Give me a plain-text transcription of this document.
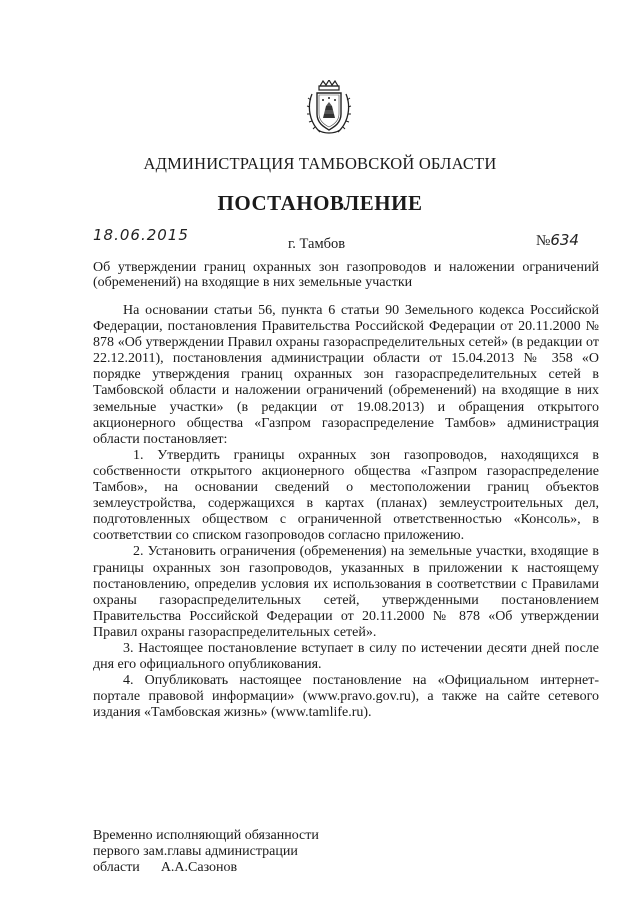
АДМИНИСТРАЦИЯ ТАМБОВСКОЙ ОБЛАСТИ
ПОСТАНОВЛЕНИЕ
18.06.2015	г. Тамбов	№634
Об утверждении границ охранных зон газопроводов и наложении ограничений (обременений) на входящие в них земельные участки

На основании статьи 56, пункта 6 статьи 90 Земельного кодекса Российской Федерации, постановления Правительства Российской Федерации от 20.11.2000 № 878 «Об утверждении Правил охраны газораспределительных сетей» (в редакции от 22.12.2011), постановления администрации области от 15.04.2013 № 358 «О порядке утверждения границ охранных зон газораспределительных сетей в Тамбовской области и наложении ограничений (обременений) на входящие в них земельные участки» (в редакции от 19.08.2013) и обращения открытого акционерного общества «Газпром газораспределение Тамбов» администрация области постановляет:

1. Утвердить границы охранных зон газопроводов, находящихся в собственности открытого акционерного общества «Газпром газораспределение Тамбов», на основании сведений о местоположении границ объектов землеустройства, содержащихся в картах (планах) землеустроительных дел, подготовленных обществом с ограниченной ответственностью «Консоль», в соответствии со списком газопроводов согласно приложению.

2. Установить ограничения (обременения) на земельные участки, входящие в границы охранных зон газопроводов, указанных в приложении к настоящему постановлению, определив условия их использования в соответствии с Правилами охраны газораспределительных сетей, утвержденными постановлением Правительства Российской Федерации от 20.11.2000 № 878 «Об утверждении Правил охраны газораспределительных сетей».

3. Настоящее постановление вступает в силу по истечении десяти дней после дня его официального опубликования.

4. Опубликовать настоящее постановление на «Официальном интернет-портале правовой информации» (www.pravo.gov.ru), а также на сайте сетевого издания «Тамбовская жизнь» (www.tamlife.ru).

Временно исполняющий обязанности
первого зам.главы администрации
области А.А.Сазонов
